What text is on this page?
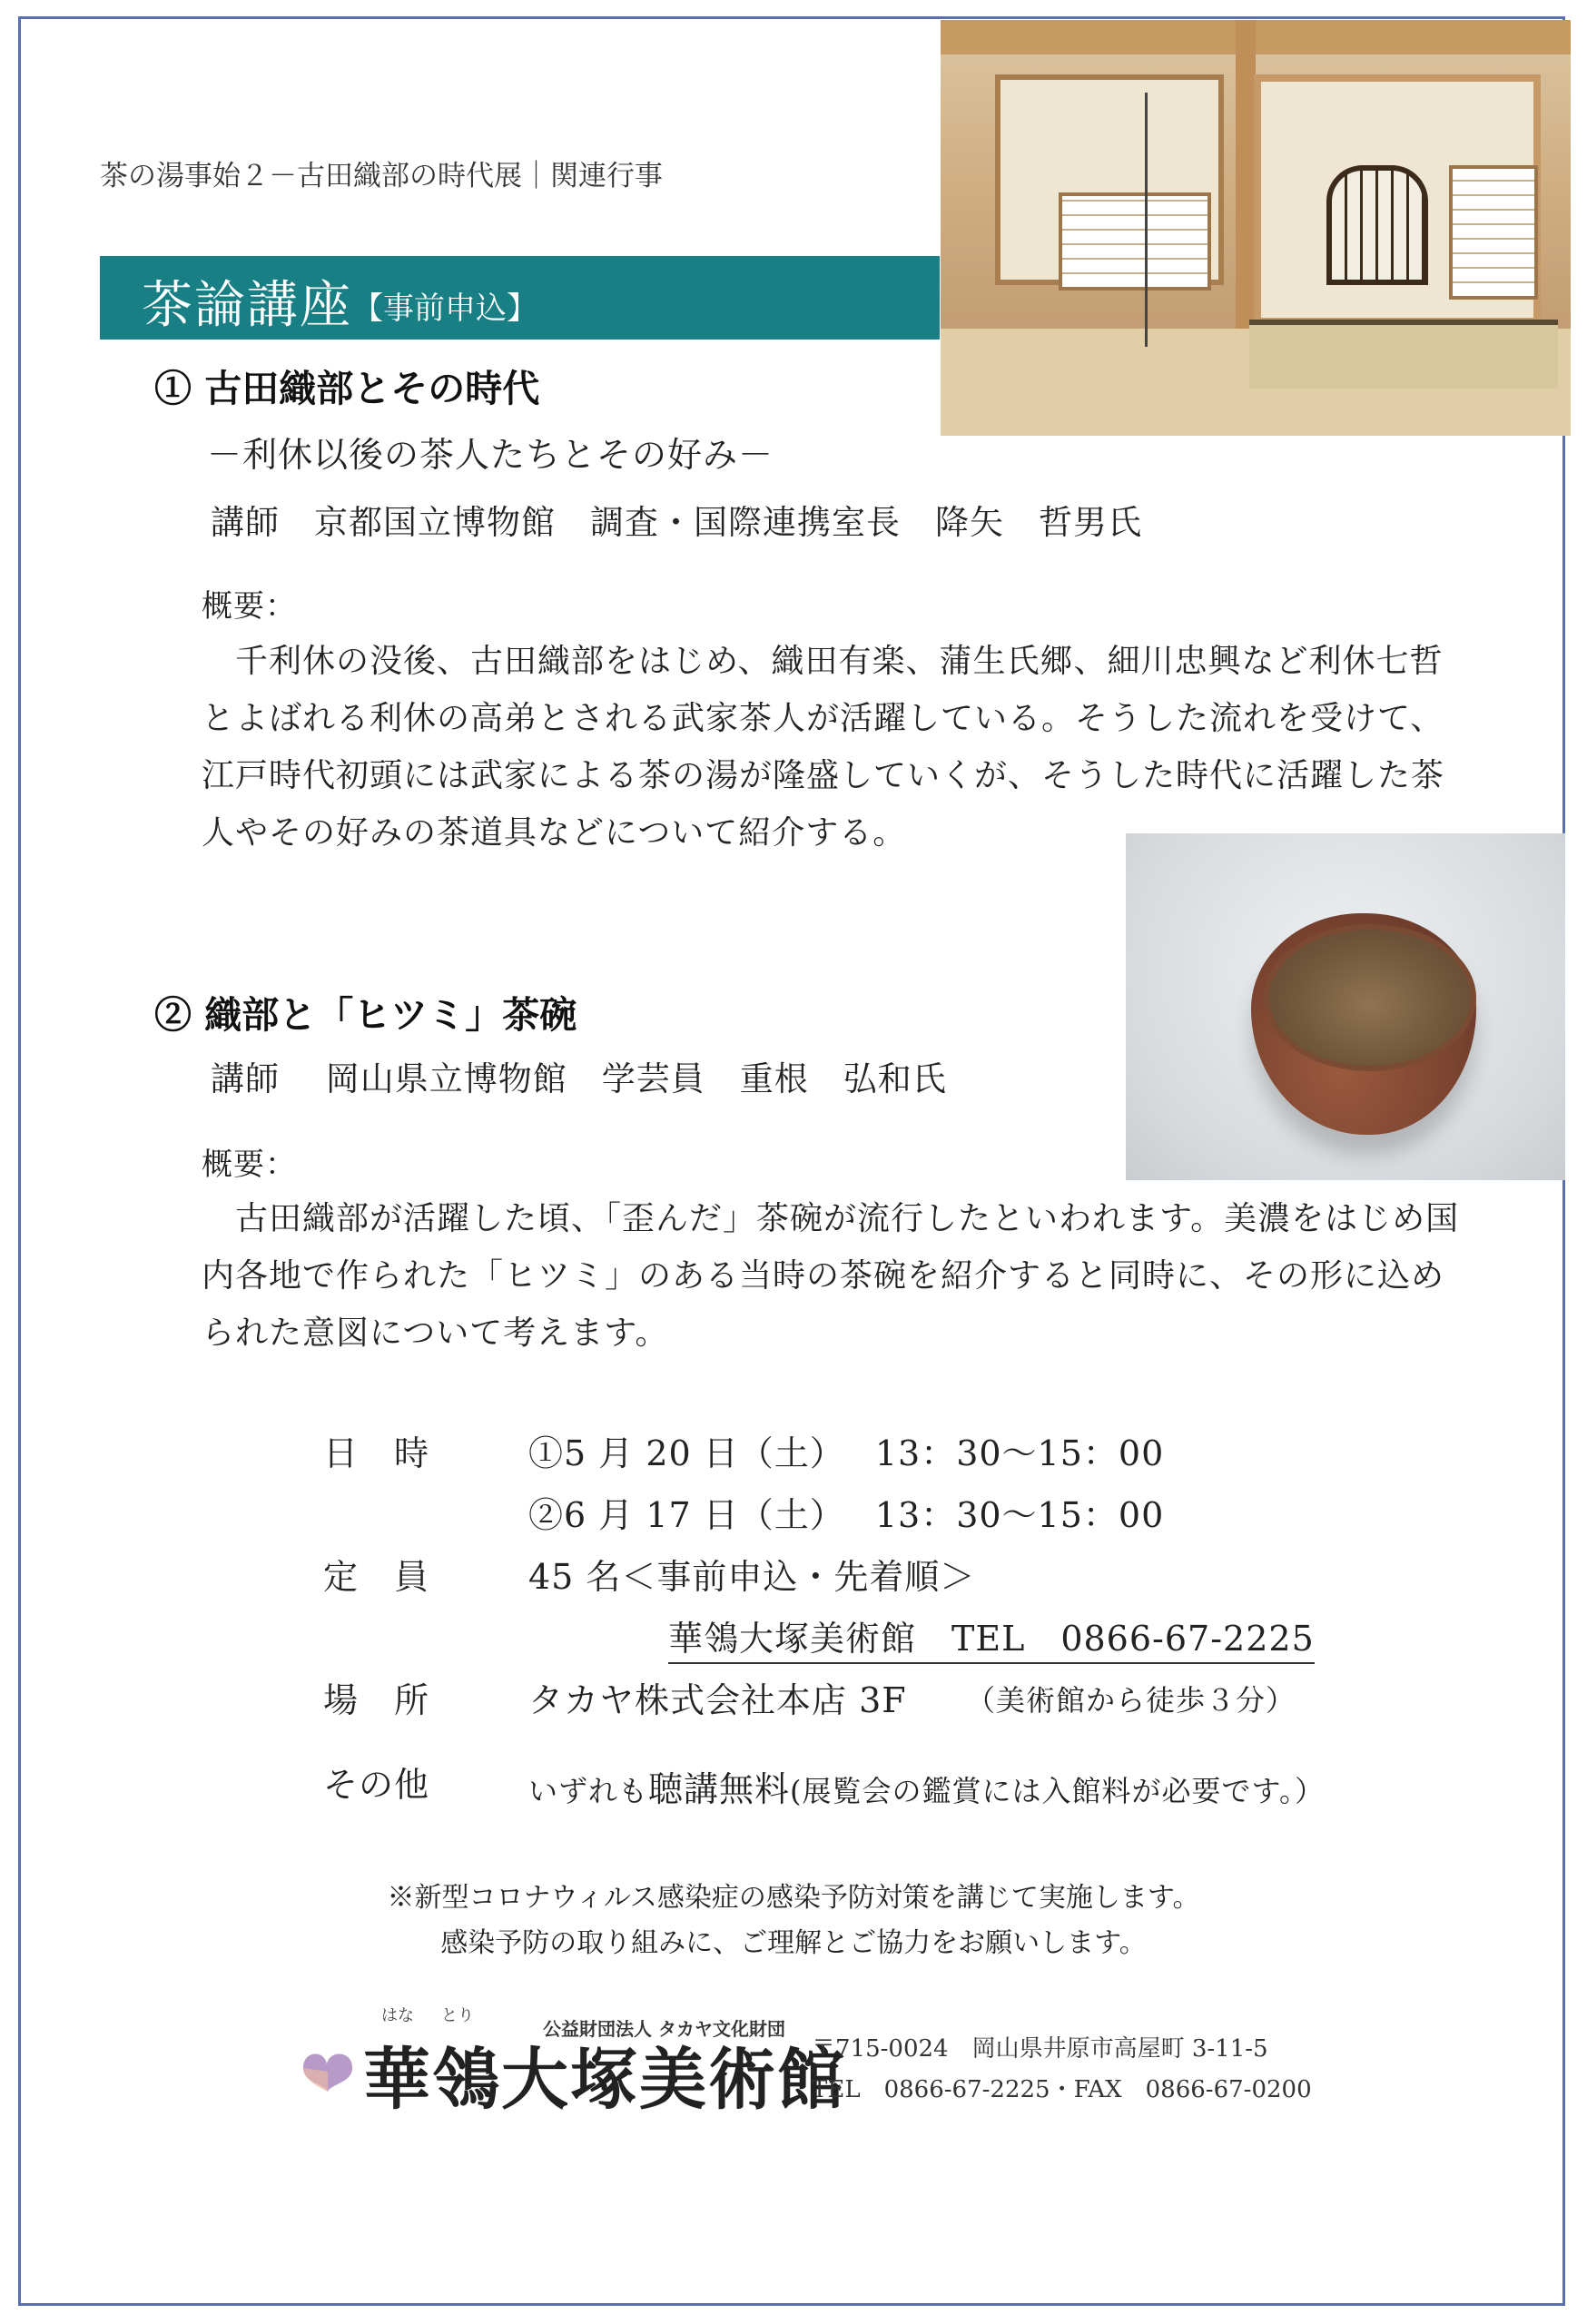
茶の湯事始２－古田織部の時代展｜関連行事
茶論講座 【事前申込】
① 古田織部とその時代
－利休以後の茶人たちとその好み－
講師　京都国立博物館　調査・国際連携室長　降矢　哲男氏
概要：
　千利休の没後、古田織部をはじめ、織田有楽、蒲生氏郷、細川忠興など利休七哲
とよばれる利休の高弟とされる武家茶人が活躍している。そうした流れを受けて、
江戸時代初頭には武家による茶の湯が隆盛していくが、そうした時代に活躍した茶
人やその好みの茶道具などについて紹介する。
② 織部と「ヒツミ」茶碗
講師　 岡山県立博物館　学芸員　重根　弘和氏
概要：
　古田織部が活躍した頃、「歪んだ」茶碗が流行したといわれます。美濃をはじめ国
内各地で作られた「ヒツミ」のある当時の茶碗を紹介すると同時に、その形に込め
られた意図について考えます。
日　時	①5 月 20 日（土）　 13：30～15：00
②6 月 17 日（土）　 13：30～15：00
定　員	45 名＜事前申込・先着順＞
華鴒大塚美術館　TEL　0866-67-2225
場　所	タカヤ株式会社本店 3F （美術館から徒歩３分）
その他	いずれも聴講無料(展覧会の鑑賞には入館料が必要です。）
※新型コロナウィルス感染症の感染予防対策を講じて実施します。
感染予防の取り組みに、ご理解とご協力をお願いします。
はな とり
公益財団法人 タカヤ文化財団
華鴒大塚美術館
〒715-0024　岡山県井原市高屋町 3-11-5
TEL　0866-67-2225・FAX　0866-67-0200
